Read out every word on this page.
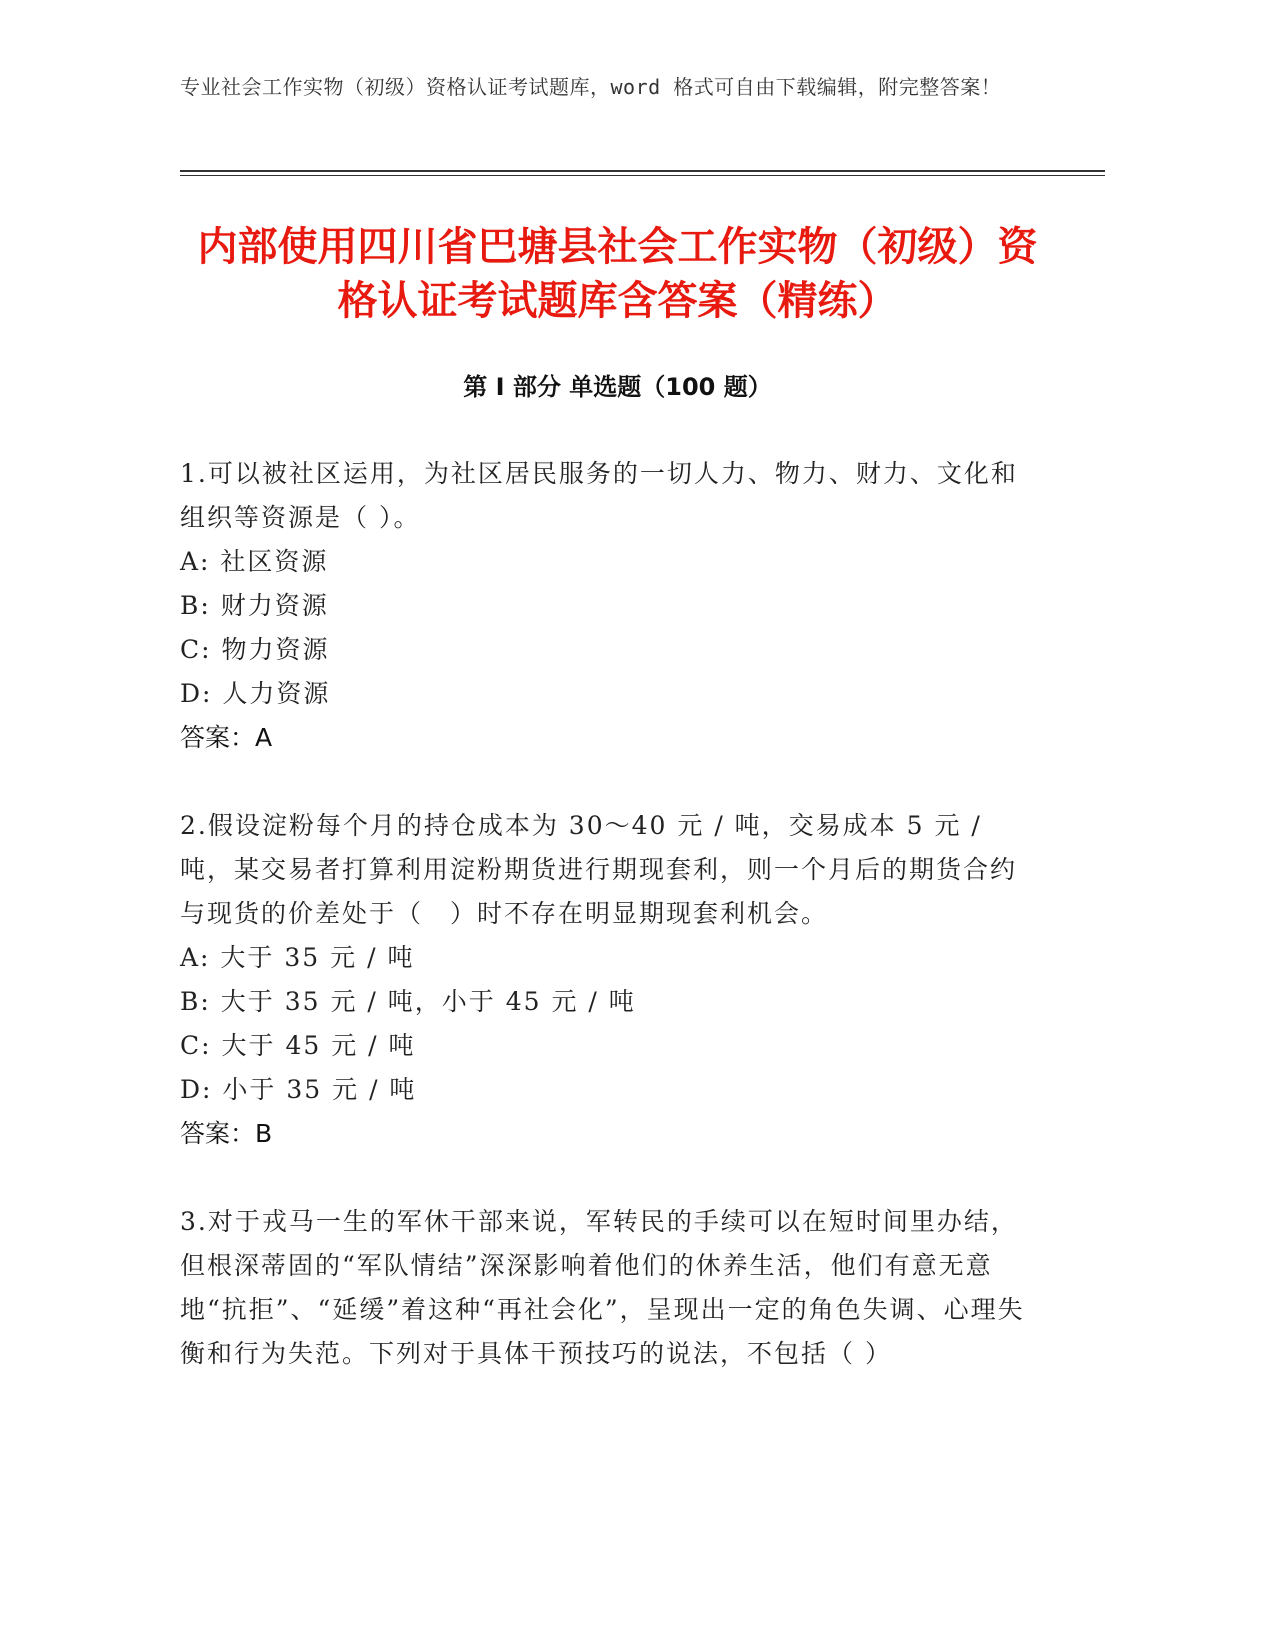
专业社会工作实物（初级）资格认证考试题库，word 格式可自由下载编辑，附完整答案！
内部使用四川省巴塘县社会工作实物（初级）资格认证考试题库含答案（精练）
第 I 部分 单选题（100 题）
1.可以被社区运用，为社区居民服务的一切人力、物力、财力、文化和组织等资源是（ ）。
A: 社区资源
B: 财力资源
C: 物力资源
D: 人力资源
答案：A
2.假设淀粉每个月的持仓成本为 30～40 元 / 吨，交易成本 5 元 / 吨，某交易者打算利用淀粉期货进行期现套利，则一个月后的期货合约与现货的价差处于（　）时不存在明显期现套利机会。
A: 大于 35 元 / 吨
B: 大于 35 元 / 吨，小于 45 元 / 吨
C: 大于 45 元 / 吨
D: 小于 35 元 / 吨
答案：B
3.对于戎马一生的军休干部来说，军转民的手续可以在短时间里办结，但根深蒂固的“军队情结”深深影响着他们的休养生活，他们有意无意地“抗拒”、“延缓”着这种“再社会化”，呈现出一定的角色失调、心理失衡和行为失范。下列对于具体干预技巧的说法，不包括（ ）
